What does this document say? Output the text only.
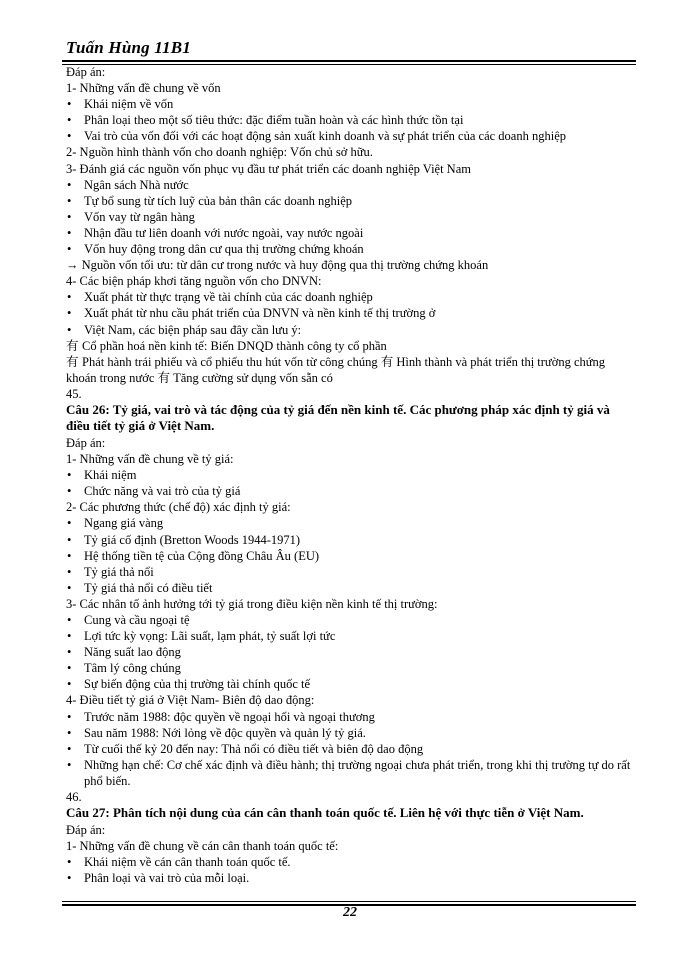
Tuấn Hùng 11B1
Đáp án:
1- Những vấn đề chung về vốn
• Khái niệm về vốn
• Phân loại theo một số tiêu thức: đặc điểm tuần hoàn và các hình thức tồn tại
• Vai trò của vốn đối với các hoạt động sản xuất kinh doanh và sự phát triển của các doanh nghiệp
2- Nguồn hình thành vốn cho doanh nghiệp: Vốn chủ sở hữu.
3- Đánh giá các nguồn vốn phục vụ đầu tư phát triển các doanh nghiệp Việt Nam
• Ngân sách Nhà nước
• Tự bổ sung từ tích luỹ của bản thân các doanh nghiệp
• Vốn vay từ ngân hàng
• Nhận đầu tư liên doanh với nước ngoài, vay nước ngoài
• Vốn huy động trong dân cư qua thị trường chứng khoán
→ Nguồn vốn tối ưu: từ dân cư trong nước và huy động qua thị trường chứng khoán
4- Các biện pháp khơi tăng nguồn vốn cho DNVN:
• Xuất phát từ thực trạng về tài chính của các doanh nghiệp
• Xuất phát từ nhu cầu phát triển của DNVN và nền kinh tế thị trường ở
• Việt Nam, các biện pháp sau đây cần lưu ý:
有 Cổ phần hoá nền kinh tế: Biến DNQD thành công ty cổ phần
有 Phát hành trái phiếu và cổ phiếu thu hút vốn từ công chúng 有 Hình thành và phát triển thị trường chứng khoán trong nước 有 Tăng cường sử dụng vốn sẵn có
45.
Câu 26: Tỷ giá, vai trò và tác động của tỷ giá đến nền kinh tế. Các phương pháp xác định tỷ giá và điều tiết tỷ giá ở Việt Nam.
Đáp án:
1- Những vấn đề chung về tỷ giá:
• Khái niệm
• Chức năng và vai trò của tỷ giá
2- Các phương thức (chế độ) xác định tỷ giá:
• Ngang giá vàng
• Tỷ giá cố định (Bretton Woods 1944-1971)
• Hệ thống tiền tệ của Cộng đồng Châu Âu (EU)
• Tỷ giá thả nổi
• Tỷ giá thả nổi có điều tiết
3- Các nhân tố ảnh hưởng tới tỷ giá trong điều kiện nền kinh tế thị trường:
• Cung và cầu ngoại tệ
• Lợi tức kỳ vọng: Lãi suất, lạm phát, tỷ suất lợi tức
• Năng suất lao động
• Tâm lý công chúng
• Sự biến động của thị trường tài chính quốc tế
4- Điều tiết tỷ giá ở Việt Nam- Biên độ dao động:
• Trước năm 1988: độc quyền về ngoại hối và ngoại thương
• Sau năm 1988: Nới lỏng về độc quyền và quản lý tỷ giá.
• Từ cuối thế kỷ 20 đến nay: Thả nổi có điều tiết và biên độ dao động
• Những hạn chế: Cơ chế xác định và điều hành; thị trường ngoại chưa phát triển, trong khi thị trường tự do rất phổ biến.
46.
Câu 27: Phân tích nội dung của cán cân thanh toán quốc tế. Liên hệ với thực tiễn ở Việt Nam.
Đáp án:
1- Những vấn đề chung về cán cân thanh toán quốc tế:
• Khái niệm về cán cân thanh toán quốc tế.
• Phân loại và vai trò của mỗi loại.
22
